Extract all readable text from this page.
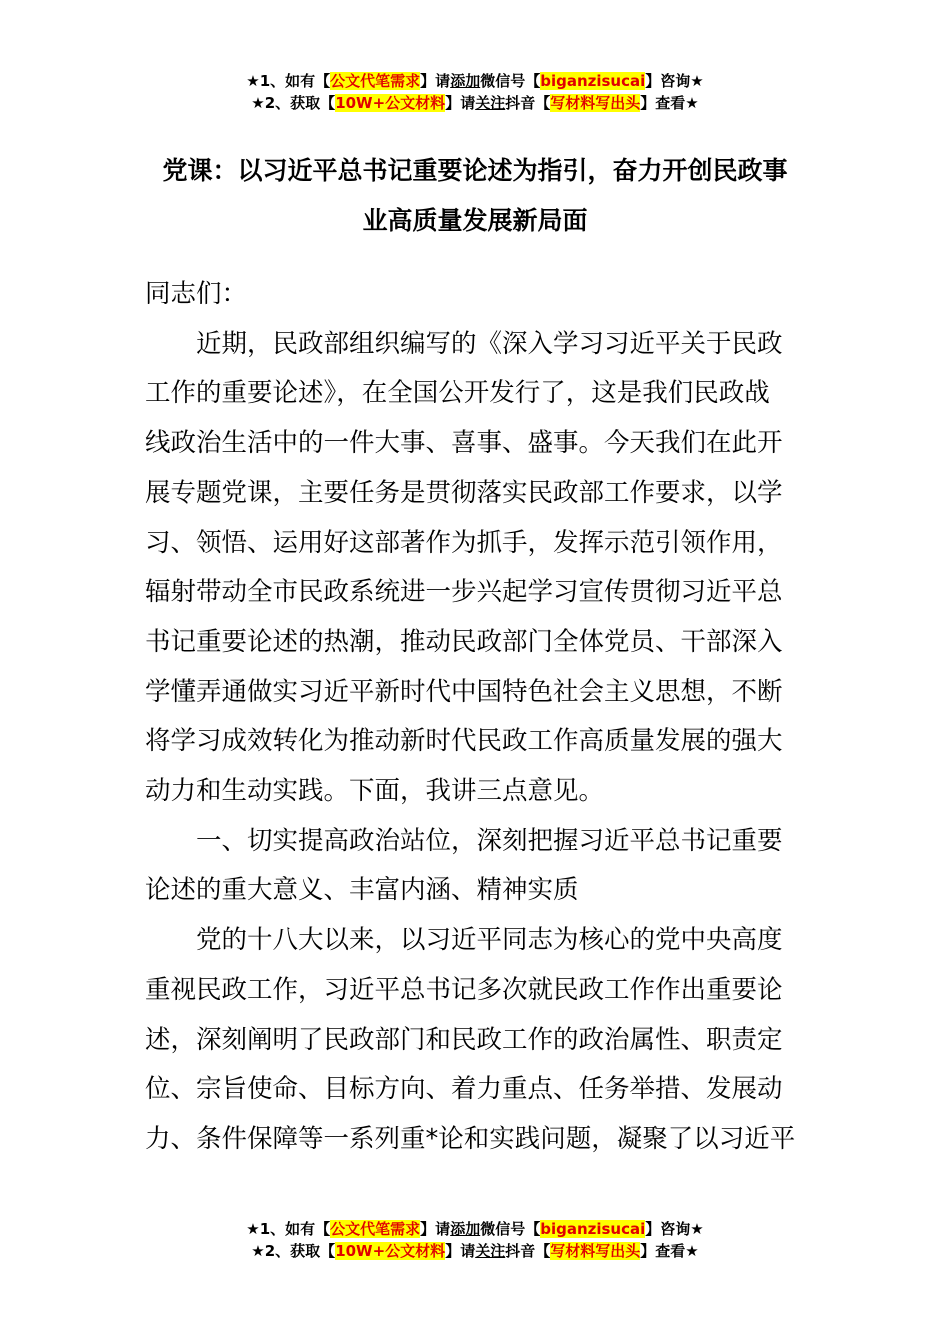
★1、如有【公文代笔需求】请添加微信号【biganzisucai】咨询★
★2、获取【10W+公文材料】请关注抖音【写材料写出头】查看★
党课：以习近平总书记重要论述为指引，奋力开创民政事
业高质量发展新局面
同志们：
近期，民政部组织编写的《深入学习习近平关于民政
工作的重要论述》，在全国公开发行了，这是我们民政战
线政治生活中的一件大事、喜事、盛事。今天我们在此开
展专题党课，主要任务是贯彻落实民政部工作要求，以学
习、领悟、运用好这部著作为抓手，发挥示范引领作用，
辐射带动全市民政系统进一步兴起学习宣传贯彻习近平总
书记重要论述的热潮，推动民政部门全体党员、干部深入
学懂弄通做实习近平新时代中国特色社会主义思想，不断
将学习成效转化为推动新时代民政工作高质量发展的强大
动力和生动实践。下面，我讲三点意见。
一、切实提高政治站位，深刻把握习近平总书记重要
论述的重大意义、丰富内涵、精神实质
党的十八大以来，以习近平同志为核心的党中央高度
重视民政工作，习近平总书记多次就民政工作作出重要论
述，深刻阐明了民政部门和民政工作的政治属性、职责定
位、宗旨使命、目标方向、着力重点、任务举措、发展动
力、条件保障等一系列重*论和实践问题，凝聚了以习近平
★1、如有【公文代笔需求】请添加微信号【biganzisucai】咨询★
★2、获取【10W+公文材料】请关注抖音【写材料写出头】查看★
